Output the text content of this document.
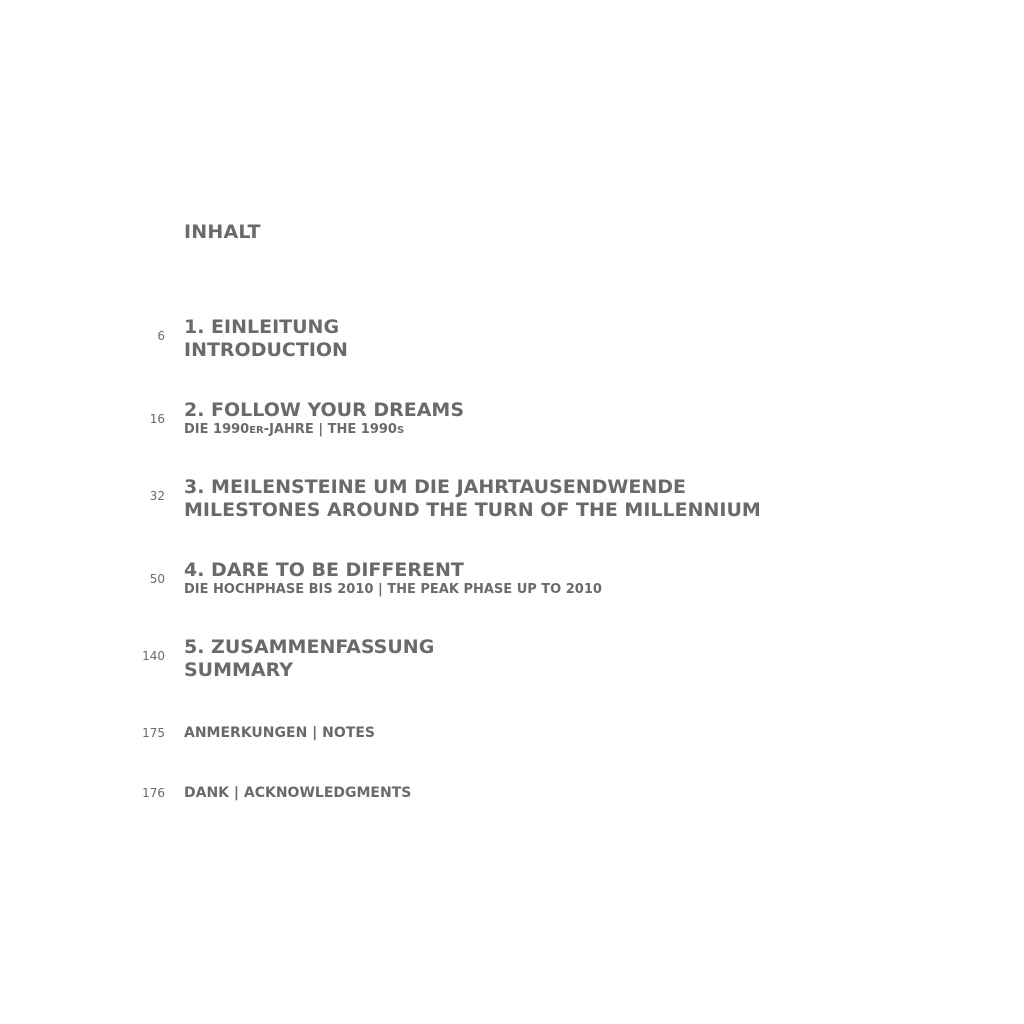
INHALT
6 1. EINLEITUNG
INTRODUCTION
16 2. FOLLOW YOUR DREAMS
DIE 1990ER-JAHRE | THE 1990S
32 3. MEILENSTEINE UM DIE JAHRTAUSENDWENDE
MILESTONES AROUND THE TURN OF THE MILLENNIUM
50 4. DARE TO BE DIFFERENT
DIE HOCHPHASE BIS 2010 | THE PEAK PHASE UP TO 2010
140 5. ZUSAMMENFASSUNG
SUMMARY
175 ANMERKUNGEN | NOTES
176 DANK | ACKNOWLEDGMENTS
